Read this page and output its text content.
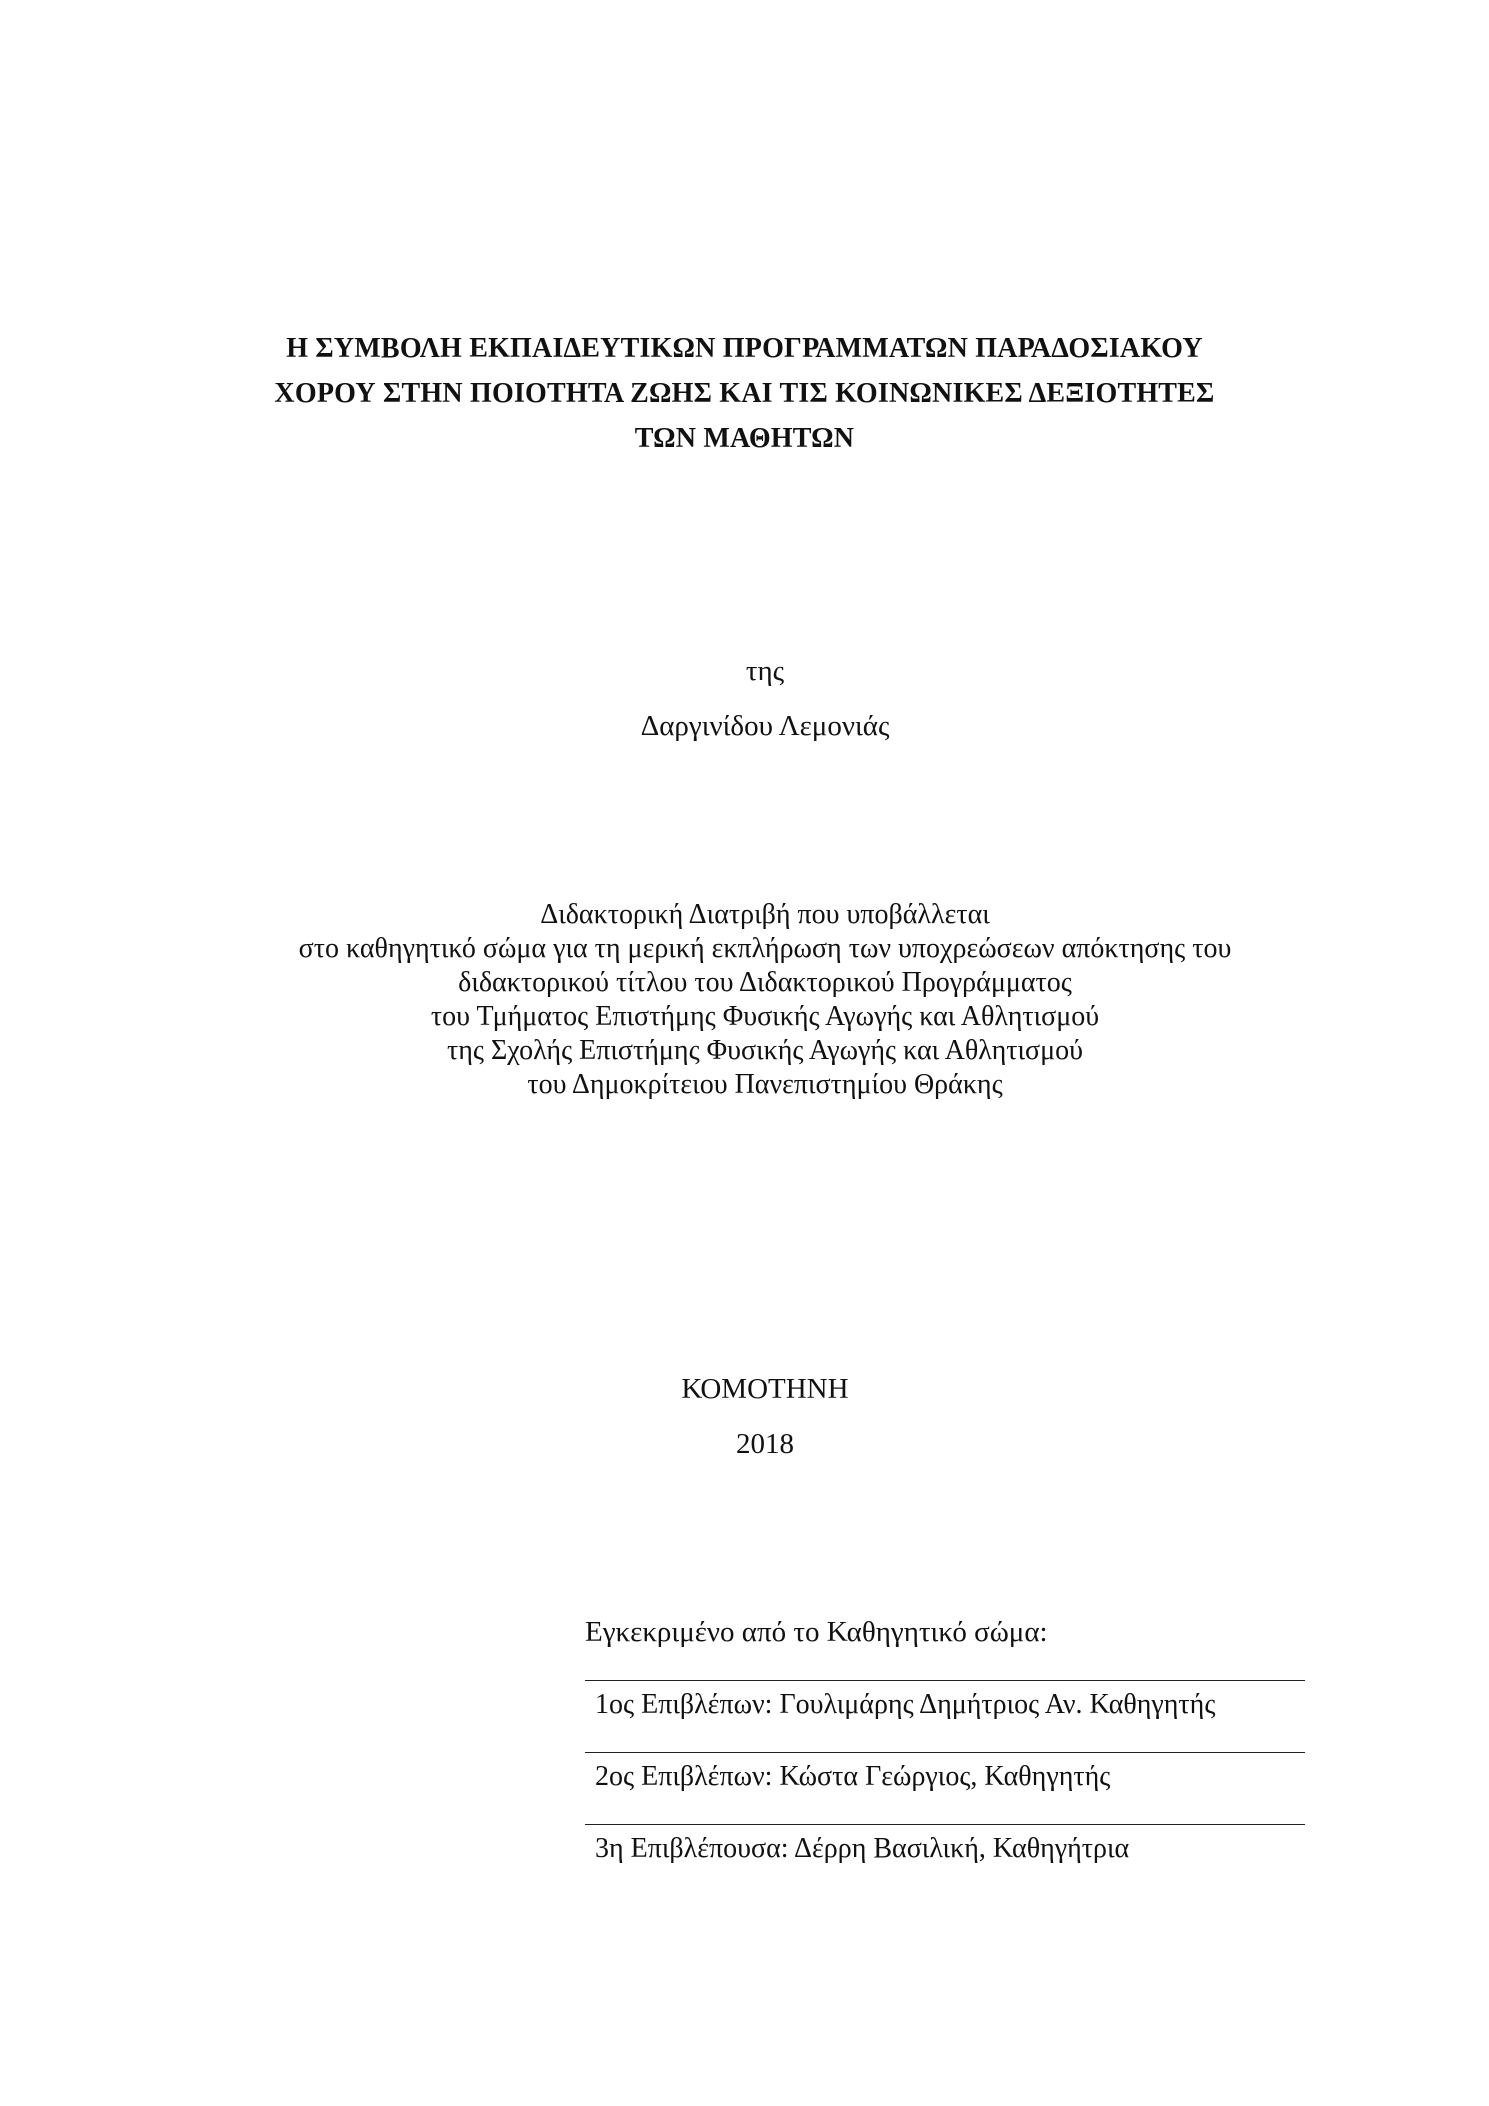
Η ΣΥΜΒΟΛΗ ΕΚΠΑΙΔΕΥΤΙΚΩΝ ΠΡΟΓΡΑΜΜΑΤΩΝ ΠΑΡΑΔΟΣΙΑΚΟΥ
ΧΟΡΟΥ ΣΤΗΝ ΠΟΙΟΤΗΤΑ ΖΩΗΣ ΚΑΙ ΤΙΣ ΚΟΙΝΩΝΙΚΕΣ ΔΕΞΙΟΤΗΤΕΣ
ΤΩΝ ΜΑΘΗΤΩΝ
της
Δαργινίδου Λεμονιάς
Διδακτορική Διατριβή που υποβάλλεται
στο καθηγητικό σώμα για τη μερική εκπλήρωση των υποχρεώσεων απόκτησης του
διδακτορικού τίτλου του Διδακτορικού Προγράμματος
του Τμήματος Επιστήμης Φυσικής Αγωγής και Αθλητισμού
της Σχολής Επιστήμης Φυσικής Αγωγής και Αθλητισμού
του Δημοκρίτειου Πανεπιστημίου Θράκης
ΚΟΜΟΤΗΝΗ
2018
Εγκεκριμένο από το Καθηγητικό σώμα:
1ος Επιβλέπων: Γουλιμάρης Δημήτριος Αν. Καθηγητής
2ος Επιβλέπων: Κώστα Γεώργιος, Καθηγητής
3η Επιβλέπουσα: Δέρρη Βασιλική, Καθηγήτρια
